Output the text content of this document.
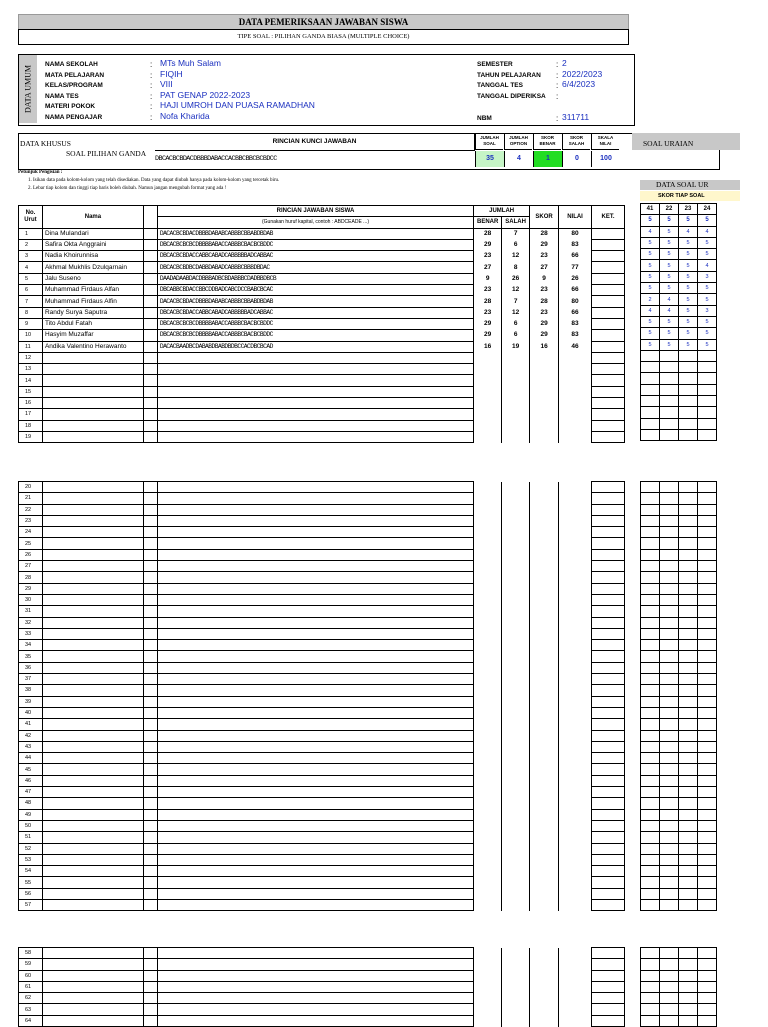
DATA PEMERIKSAAN JAWABAN SISWA
TIPE SOAL : PILIHAN GANDA BIASA (MULTIPLE CHOICE)
DATA UMUM
NAMA SEKOLAH	: MTs Muh Salam
MATA PELAJARAN	: FIQIH
KELAS/PROGRAM	: VIII
NAMA TES	: PAT GENAP 2022-2023
MATERI POKOK	: HAJI UMROH DAN PUASA RAMADHAN
NAMA PENGAJAR	: Nofa Kharida
SEMESTER	: 2
TAHUN PELAJARAN : 2022/2023
TANGGAL TES	: 6/4/2023
TANGGAL DIPERIKSA :
NBM	: 311711
DATA KHUSUS
SOAL PILIHAN GANDA
RINCIAN KUNCI JAWABAN
DBCACBCBDACDBBBDABACCACBBCBBCBCBDCC
JUMLAH SOAL
35
JUMLAH OPTION
4
SKOR BENAR
1
SKOR SALAH
0
SKALA NILAI
100
SOAL URAIAN
Petunjuk Pengisian :
1. Isikan data pada kolom-kolom yang telah disediakan. Data yang dapat diubah hanya pada kolom-kolom yang tercetak biru.
2. Lebar tiap kolom dan tinggi tiap baris boleh diubah. Namun jangan mengubah format yang ada !	DATA SOAL UR
SKOR TIAP SOAL
No. Urut	Nama		RINCIAN JAWABAN SISWA	JUMLAH		SKOR	NILAI	KET.
			(Gunakan huruf kapital, contoh : ABDCEADE ...)	BENAR	SALAH			
1	Dina Mulandari		DACACBCBDACDBBBDABABCABBBCBBABDBDAB	28	7	28	80	
2	Safira Okta Anggraini		DBCACBCBCBCDBBBBABACCABBBCBACBCBDDC	29	6	29	83	
3	Nadia Khoirunnisa		DBCACBCBDACCABBCABADCABBBBBADCABBAC	23	12	23	66	
4	Akhmal Mukhlis Dzulqarnain		DBCACBCBDBCDABBDABADCABBBCBBBDBDAC	27	8	27	77	
5	Jalu Suseno		DAADADAABDACDBBBADBCBDABBBCDADBBDBCB	9	26	9	26	
6	Muhammad Firdaus Alfan		DBCABBCBDACCBBCDDBADCABCDCCBABCBCAC	23	12	23	66	
7	Muhammad Firdaus Alfin		DACACBCBDACDBBBDABABCABBBCBBABDBDAB	28	7	28	80	
8	Randy Surya Saputra		DBCACBCBDACCABBCABADCABBBBBADCABBAC	23	12	23	66	
9	Tito Abdul Fatah		DBCACBCBCBCDBBBBABACCABBBCBACBCBDDC	29	6	29	83	
10	Hasyim Muzaffar		DBCACBCBCBCDBBBBABACCABBBCBACBCBDDC	29	6	29	83	
11	Andika Valentino Herawanto		DACACBAADBCDABABDBABDBDBCCACDBCBCAD	16	19	16	46	
12								
13								
14								
15								
16								
17								
18								
19								
41	22	23	24
5	5	5	5
4	5	4	4
5	5	5	5
5	5	5	5
5	5	5	4
5	5	5	3
5	5	5	5
2	4	5	5
4	4	5	3
5	5	5	5
5	5	5	5
5	5	5	5

20								
21								
22								
23								
24								
25								
26								
27								
28								
29								
30								
31								
32								
33								
34								
35								
36								
37								
38								
39								
40								
41								
42								
43								
44								
45								
46								
47								
48								
49								
50								
51								
52								
53								
54								
55								
56								
57								

58								
59								
60								
61								
62								
63								
64								
